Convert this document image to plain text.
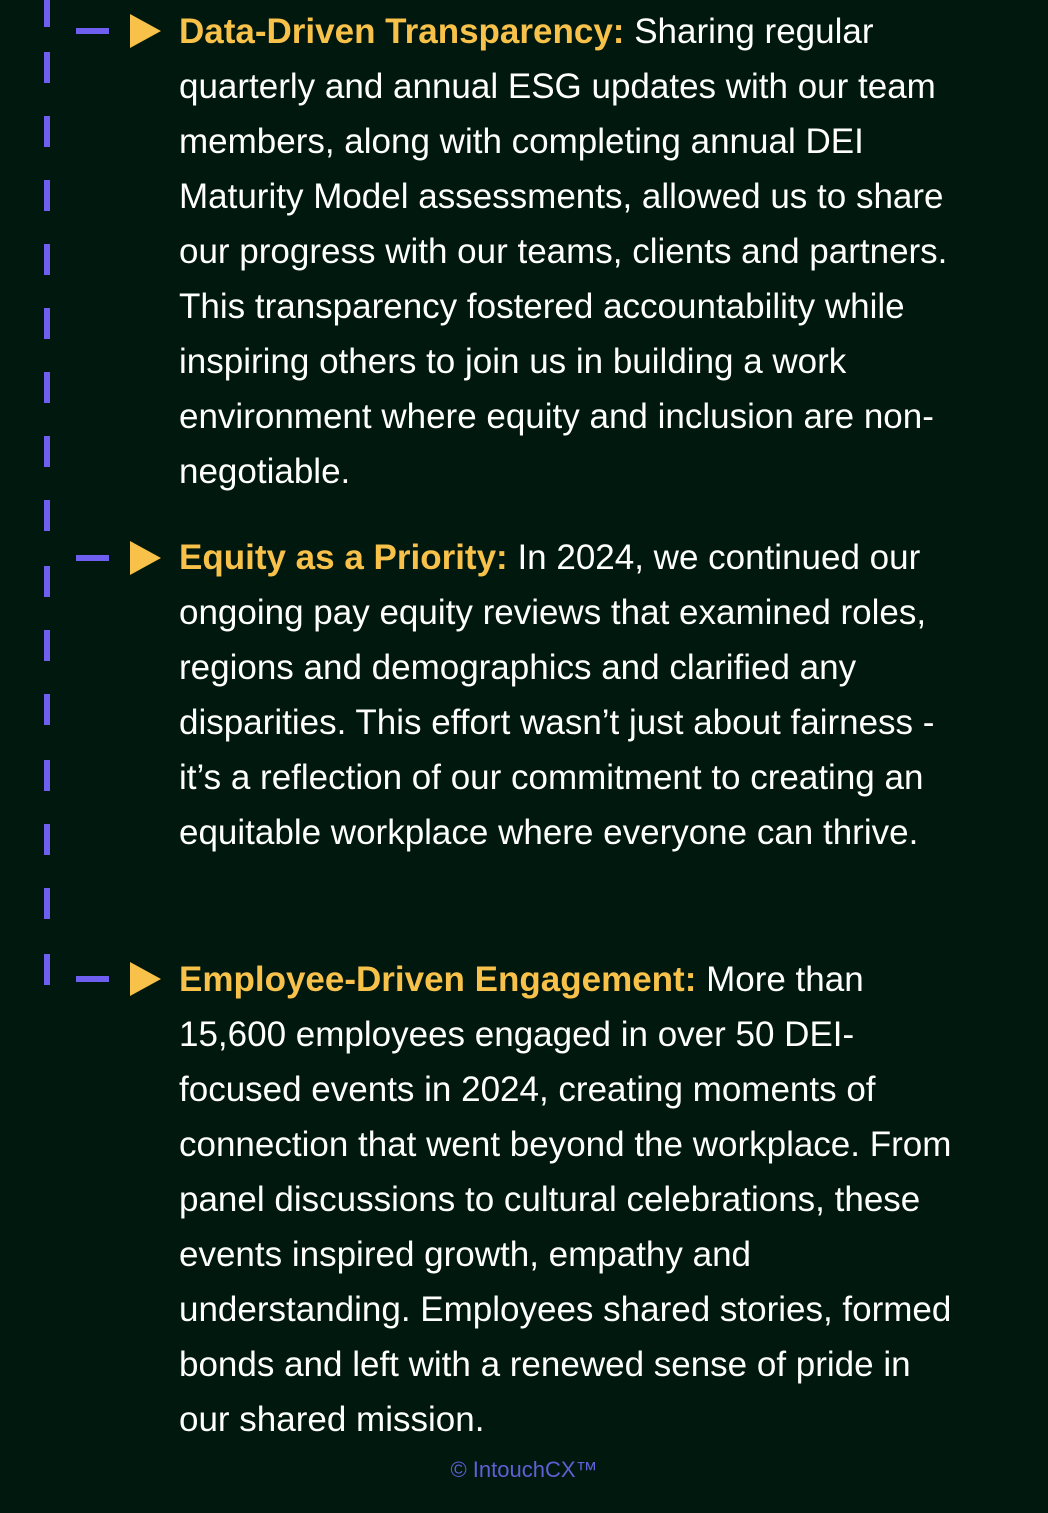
Data-Driven Transparency: Sharing regular quarterly and annual ESG updates with our team members, along with completing annual DEI Maturity Model assessments, allowed us to share our progress with our teams, clients and partners. This transparency fostered accountability while inspiring others to join us in building a work environment where equity and inclusion are non-negotiable.

Equity as a Priority: In 2024, we continued our ongoing pay equity reviews that examined roles, regions and demographics and clarified any disparities. This effort wasn’t just about fairness - it’s a reflection of our commitment to creating an equitable workplace where everyone can thrive.

Employee-Driven Engagement: More than 15,600 employees engaged in over 50 DEI-focused events in 2024, creating moments of connection that went beyond the workplace. From panel discussions to cultural celebrations, these events inspired growth, empathy and understanding. Employees shared stories, formed bonds and left with a renewed sense of pride in our shared mission.

© IntouchCX™
